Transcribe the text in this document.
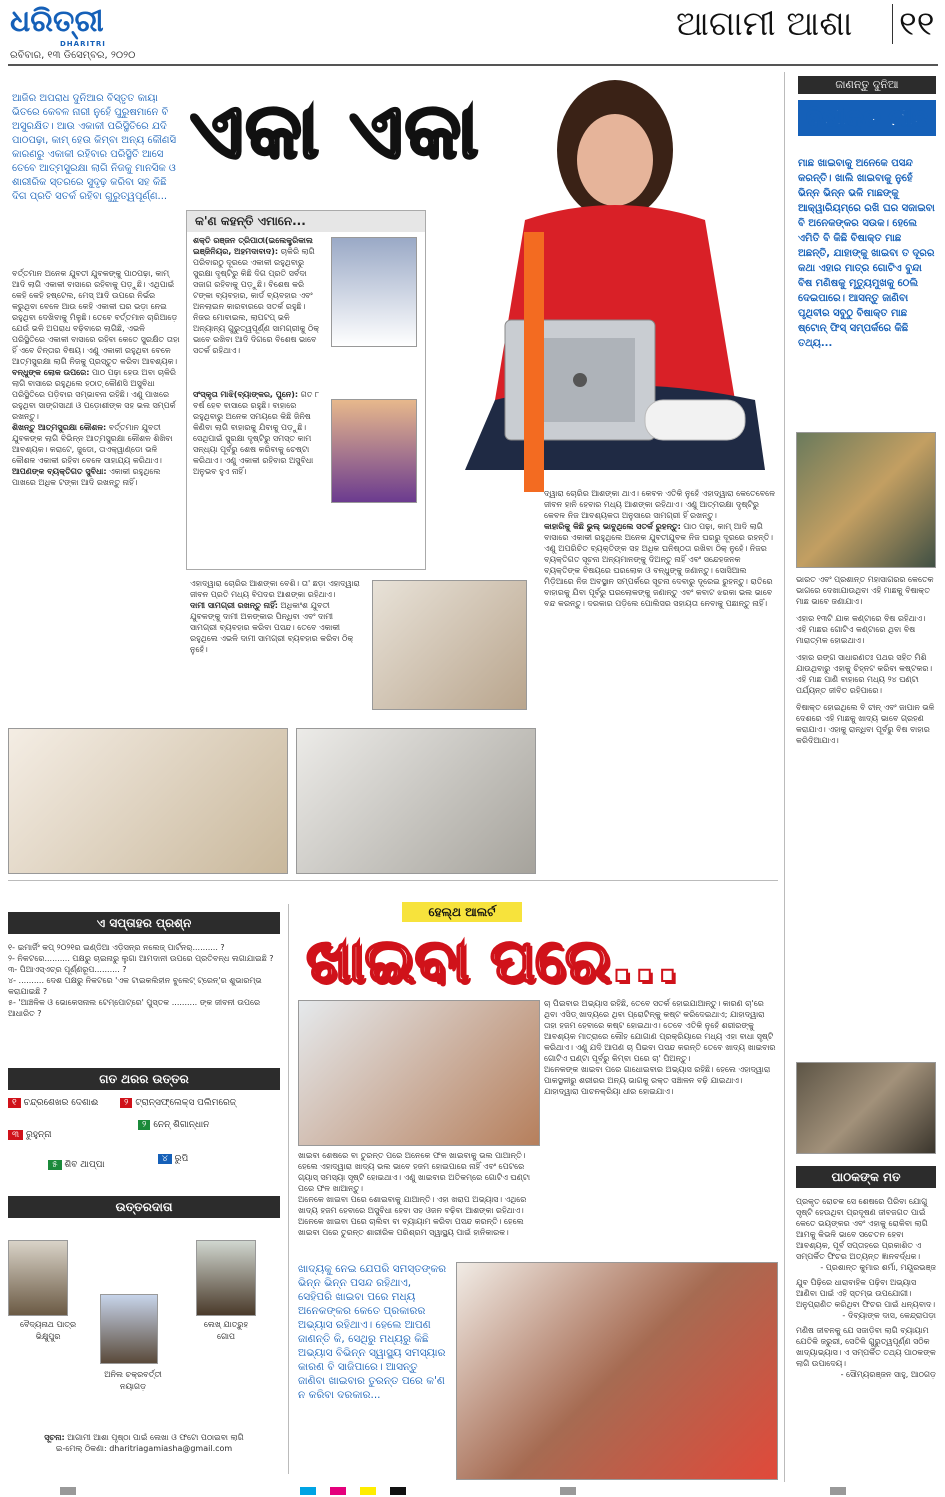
ଧରିତ୍ରୀ
DHARITRI
ରବିବାର, ୧୩ ଡିସେମ୍ବର, ୨୦୨୦
ଆଗାମୀ ଆଶା ୧୧
ଆଜିର ଅପରାଧ ଦୁନିଆର ବିସ୍ତୃତ କାୟା ଭିତରେ କେବଳ ନାରୀ ନୁହେଁ ପୁରୁଷମାନେ ବି ଅସୁରକ୍ଷିତ। ଆଉ ଏକାକୀ ପରିସ୍ଥିତିରେ ଯଦି ପାଠପଢ଼ା, କାମ୍ ହେଉ କିମ୍ବା ଅନ୍ୟ କୌଣସି କାରଣରୁ ଏକାକୀ ରହିବାର ପରିସ୍ଥିତି ଆସେ ତେବେ ଆତ୍ମସୁରକ୍ଷା ଲାଗି ନିଜକୁ ମାନସିକ ଓ ଶାରୀରିକ ସ୍ତରରେ ସୁଦୃଢ଼ କରିବା ସହ କିଛି ଦିଗ ପ୍ରତି ସତର୍କ ରହିବା ଗୁରୁତ୍ୱପୂର୍ଣ୍ଣ...
ଏକା ଏକା
କ'ଣ କହନ୍ତି ଏମାନେ...
ଶକ୍ତି ରଞ୍ଜନ ତ୍ରିପାଠୀ(ଇଲେକ୍ଟ୍ରିକାଲ ଇଞ୍ଜିନିୟର, ଅହମଦାବାଦ): ଚାକିରି ଲାଗି ପରିବାରଠୁ ଦୂରରେ ଏକାକୀ ରହୁଥିବାରୁ ସୁରକ୍ଷା ଦୃଷ୍ଟିରୁ କିଛି ଦିଗ ପ୍ରତି ସର୍ବଦା ସଜାଗ ରହିବାକୁ ପଡ଼ୁଛି। ବିଶେଷ କରି ଟଙ୍କା ବ୍ୟବହାର, କାର୍ଡ ବ୍ୟବହାର ଏବଂ ଅନଲାଇନ କାରବାରରେ ସତର୍କ ରହୁଛି। ନିଜର ମୋବାଇଲ, ଲାପଟପ୍ ଭଳି ଅନ୍ୟାନ୍ୟ ଗୁରୁତ୍ୱପୂର୍ଣ୍ଣ ସାମଗ୍ରୀକୁ ଠିକ୍ ଭାବେ ରଖିବା ଆଦି ଦିଗରେ ବିଶେଷ ଭାବେ ସତର୍କ ରହିଥାଏ।
ସଂସ୍କୃତା ମାଝି(ବ୍ୟାଙ୍କର, ପୁନେ): ଗତ ୮ ବର୍ଷ ହେବ ବାସାରେ ରହୁଛି। ବାହାରେ ରହୁଥିବାରୁ ଅନେକ ସମୟରେ କିଛି ଜିନିଷ କିଣିବା ଲାଗି ବାହାରକୁ ଯିବାକୁ ପଡ଼ୁଛି। ସେଥିପାଇଁ ସୁରକ୍ଷା ଦୃଷ୍ଟିରୁ ସମସ୍ତ କାମ ସନ୍ଧ୍ୟା ପୂର୍ବରୁ ଶେଷ କରିବାକୁ ଚେଷ୍ଟା କରିଥାଏ। ଏଣୁ ଏକାକୀ ରହିବାର ଅସୁବିଧା ଅନୁଭବ ହୁଏ ନାହିଁ।
ବର୍ତ୍ତମାନ ଅନେକ ଯୁବତୀ ଯୁବକଙ୍କୁ ପାଠପଢ଼ା, କାମ୍ ଆଦି ଲାଗି ଏକାକୀ ବାସାରେ ରହିବାକୁ ପଡ଼ୁଛି। ଏଥିପାଇଁ କେହି କେହି ହଷ୍ଟେଲ, ମେସ୍ ଆଦି ଉପରେ ନିର୍ଭର କରୁଥିବା ବେଳେ ଆଉ କେହି ଏକାକୀ ଘର ଭଡ଼ା ନେଇ ରହୁଥିବା ଦେଖିବାକୁ ମିଳୁଛି। ତେବେ ବର୍ତ୍ତମାନ ଚାରିଆଡ଼େ ଯେଉଁ ଭଳି ଅପରାଧ ବଢ଼ିବାରେ ଲାଗିଛି, ଏଭଳି ପରିସ୍ଥିତିରେ ଏକାକୀ ବାସାରେ ରହିବା କେତେ ସୁରକ୍ଷିତ ତାହା ହିଁ ଏବେ ଚିନ୍ତାର ବିଷୟ। ଏଣୁ ଏକାକୀ ରହୁଥିବା ବେଳେ ଆତ୍ମସୁରକ୍ଷା ଲାଗି ନିଜକୁ ପ୍ରସ୍ତୁତ କରିବା ଆବଶ୍ୟକ।
ବନ୍ଧୁଙ୍କ ଲୋକ ଉପରେ: ପାଠ ପଢ଼ା ହେଉ ଅବା ଚାକିରି ଲାଗି ବାସାରେ ରହୁଥିଲେ ହଠାତ୍ କୌଣସି ଅସୁବିଧା ପରିସ୍ଥିତିରେ ପଡ଼ିବାର ସମ୍ଭାବନା ରହିଛି। ଏଣୁ ପାଖରେ ରହୁଥିବା ସାଙ୍ଗସାଥୀ ଓ ପଡ଼ୋଶୀଙ୍କ ସହ ଭଲ ସମ୍ପର୍କ ରଖନ୍ତୁ।
ଶିଖନ୍ତୁ ଆତ୍ମସୁରକ୍ଷା କୌଶଳ: ବର୍ତ୍ତମାନ ଯୁବତୀ ଯୁବକଙ୍କ ଲାଗି ବିଭିନ୍ନ ଆତ୍ମସୁରକ୍ଷା କୌଶଳ ଶିଖିବା ଆବଶ୍ୟକ। କରାଟେ, ଜୁଡୋ, ତାଏକ୍ୱାଣ୍ଡୋ ଭଳି କୌଶଳ ଏକାକୀ ରହିବା ବେଳେ ସାହାଯ୍ୟ କରିଥାଏ।
ଆପଣଙ୍କ ବ୍ୟକ୍ତିଗତ ସୁବିଧା: ଏକାକୀ ରହୁଥିଲେ ପାଖରେ ଅଧିକ ଟଙ୍କା ଆଦି ରଖନ୍ତୁ ନାହିଁ।
ଏହାଦ୍ୱାରା ଚୋରିର ଆଶଙ୍କା ବେଶି। ତା' ଛଡ଼ା ଏହାଦ୍ୱାରା ଜୀବନ ପ୍ରତି ମଧ୍ୟ ବିପଦର ଆଶଙ୍କା ରହିଥାଏ।
ଦାମୀ ସାମଗ୍ରୀ ରଖନ୍ତୁ ନାହିଁ: ଅଧିକାଂଶ ଯୁବତୀ ଯୁବକଙ୍କୁ ଦାମୀ ଅଳଙ୍କାର ପିନ୍ଧିବା ଏବଂ ଦାମୀ ସାମଗ୍ରୀ ବ୍ୟବହାର କରିବା ପସନ୍ଦ। ତେବେ ଏକାକୀ ରହୁଥିଲେ ଏଭଳି ଦାମୀ ସାମଗ୍ରୀ ବ୍ୟବହାର କରିବା ଠିକ୍ ନୁହେଁ।
ଦ୍ୱାରା ଚୋରିର ଆଶଙ୍କା ଥାଏ। କେବଳ ଏତିକି ନୁହେଁ ଏହାଦ୍ୱାରା କେତେବେଳେ ଜୀବନ ହାନି ହେବାର ମଧ୍ୟ ଆଶଙ୍କା ରହିଥାଏ। ଏଣୁ ଆତ୍ମରକ୍ଷା ଦୃଷ୍ଟିରୁ କେବଳ ନିଜ ଆବଶ୍ୟକତା ଅନୁସାରେ ସାମଗ୍ରୀ ହିଁ ରଖନ୍ତୁ।
କାହାରିକୁ କିଛି ଭୁଲ୍ ଭାବୁଥିଲେ ସତର୍କ ରୁହନ୍ତୁ: ପାଠ ପଢ଼ା, କାମ୍ ଆଦି ଲାଗି ବାସାରେ ଏକାକୀ ରହୁଥିଲେ ଅନେକ ଯୁବତୀଯୁବକ ନିଜ ଘରରୁ ଦୂରରେ ରହନ୍ତି। ଏଣୁ ଅପରିଚିତ ବ୍ୟକ୍ତିଙ୍କ ସହ ଅଧିକ ଘନିଷ୍ଠତା ରଖିବା ଠିକ୍ ନୁହେଁ। ନିଜର ବ୍ୟକ୍ତିଗତ ସୂଚନା ଅନ୍ୟମାନଙ୍କୁ ଦିଅନ୍ତୁ ନାହିଁ ଏବଂ ସନ୍ଦେହଜନକ ବ୍ୟକ୍ତିଙ୍କ ବିଷୟରେ ଘରଲୋକ ଓ ବନ୍ଧୁଙ୍କୁ ଜଣାନ୍ତୁ। ସୋସିଆଲ ମିଡ଼ିଆରେ ନିଜ ଅବସ୍ଥାନ ସମ୍ପର୍କରେ ସୂଚନା ଦେବାରୁ ଦୂରେଇ ରୁହନ୍ତୁ। ରାତିରେ ବାହାରକୁ ଯିବା ପୂର୍ବରୁ ଘରଲୋକଙ୍କୁ ଜଣାନ୍ତୁ ଏବଂ କବାଟ ଝରକା ଭଲ ଭାବେ ବନ୍ଦ କରନ୍ତୁ। ଦରକାର ପଡ଼ିଲେ ପୋଲିସର ସହାୟତା ନେବାକୁ ପଛାନ୍ତୁ ନାହିଁ।
ଜାଣନ୍ତୁ ଦୁନିଆ
ବିଷାକ୍ତ ମାଛ
ମାଛ ଖାଇବାକୁ ଅନେକେ ପସନ୍ଦ କରନ୍ତି। ଖାଲି ଖାଇବାକୁ ନୁହେଁ ଭିନ୍ନ ଭିନ୍ନ ଭଳି ମାଛଙ୍କୁ ଆକ୍ୱାରିୟମ୍‌ରେ ରଖି ଘର ସଜାଇବା ବି ଅନେକଙ୍କର ସଉକ। ହେଲେ ଏମିତି ବି କିଛି ବିଷାକ୍ତ ମାଛ ଅଛନ୍ତି, ଯାହାଙ୍କୁ ଖାଇବା ତ ଦୂରର କଥା ଏହାର ମାତ୍ର ଗୋଟିଏ ବୁନ୍ଦା ବିଷ ମଣିଷକୁ ମୃତ୍ୟୁମୁଖକୁ ଠେଲି ଦେଇପାରେ। ଆସନ୍ତୁ ଜାଣିବା ପୃଥିବୀର ସବୁଠୁ ବିଷାକ୍ତ ମାଛ ଷ୍ଟୋନ୍ ଫିସ୍ ସମ୍ପର୍କରେ କିଛି ତଥ୍ୟ...

ଭାରତ ଏବଂ ପ୍ରଶାନ୍ତ ମହାସାଗରର କେତେକ ଭାଗରେ ଦେଖାଯାଉଥିବା ଏହି ମାଛକୁ ବିଷାକ୍ତ ମାଛ ଭାବେ ଜଣାଯାଏ।

ଏହାର ୧୩ଟି ଯାକ କଣ୍ଟାରେ ବିଷ ରହିଥାଏ। ଏହି ମାଛର ଗୋଟିଏ କଣ୍ଟାରେ ଥିବା ବିଷ ମାରାତ୍ମକ ହୋଇଥାଏ।

ଏହାର ରଙ୍ଗ ସାଧାରଣତଃ ପଥର ସହିତ ମିଶି ଯାଉଥିବାରୁ ଏହାକୁ ଚିହ୍ନଟ କରିବା କଷ୍ଟକର। ଏହି ମାଛ ପାଣି ବାହାରେ ମଧ୍ୟ ୨୪ ଘଣ୍ଟା ପର୍ଯ୍ୟନ୍ତ ଜୀବିତ ରହିପାରେ।

ବିଷାକ୍ତ ହୋଇଥିଲେ ବି ଚୀନ୍ ଏବଂ ଜାପାନ ଭଳି ଦେଶରେ ଏହି ମାଛକୁ ଖାଦ୍ୟ ଭାବେ ଗ୍ରହଣ କରାଯାଏ। ଏହାକୁ ରାନ୍ଧିବା ପୂର୍ବରୁ ବିଷ ବାହାର କରିଦିଆଯାଏ।

ପାଠକଙ୍କ ମତ

ପ୍ରକୃତ ରୋଚକ ସେ ଶେଷରେ ପିରିବା ଯୋଗୁ ସୃଷ୍ଟି ହେଉଥିବା ପ୍ରଦୂଷଣ ଜୀବଜଗତ ପାଇଁ କେତେ ଭୟଙ୍କର ଏବଂ ଏହାକୁ ରୋକିବା ଲାଗି ଆମକୁ କିଭଳି ଭାବେ ସଚେତନ ହେବା ଆବଶ୍ୟକ, ପୂର୍ବ ସପ୍ତାହରେ ପ୍ରକାଶିତ ଏ ସମ୍ପର୍କିତ ଫିଚର ଅତ୍ୟନ୍ତ ଜ୍ଞାନବର୍ଦ୍ଧକ।

- ପ୍ରଶାନ୍ତ କୁମାର ଶର୍ମା, ମୟୂରଭଞ୍ଜ

ଯୁବ ପିଢ଼ିରେ ଧାରାବାହିକ ପଢ଼ିବା ଅଭ୍ୟାସ ଆଣିବା ପାଇଁ ଏହି ସ୍ତମ୍ଭ ଉପଯୋଗୀ। ଅନୁପ୍ରାଣିତ କରିଥିବା ଫିଚର ପାଇଁ ଧନ୍ୟବାଦ।

- ଦିବ୍ୟାଙ୍କ ଦାସ, କେନ୍ଦ୍ରାପଡ଼ା

ମଣିଷ ଜୀବନକୁ ଯେ ସଜାଡ଼ିବା ଲାଗି ବ୍ୟାୟାମ ଯେତିକି ଜରୁରୀ, ସେତିକି ଗୁରୁତ୍ୱପୂର୍ଣ୍ଣ ସଠିକ ଖାଦ୍ୟାଭ୍ୟାସ। ଏ ସମ୍ପର୍କିତ ତଥ୍ୟ ପାଠକଙ୍କ ଲାଗି ଉପାଦେୟ।

- ସୌମ୍ୟରଞ୍ଜନ ସାହୁ, ଆଠଗଡ଼

ଏ ସପ୍ତାହର ପ୍ରଶ୍ନ

୧- ଇମାର୍ଜିଂ କପ୍ ୨୦୨୧ର ଇଣ୍ଡିଆ ଏଡ଼ିସନ୍‌ର ନଲେଜ୍ ପାର୍ଟନର୍.......... ?

୨- ନିକଟରେ.......... ପକ୍ଷରୁ ଚାଇନାରୁ ଲୁଗା ଆମଦାନୀ ଉପରେ ପ୍ରତିବନ୍ଧ ଲଗାଯାଇଛି ?

୩- ପିଆଏସ୍‌ଏଚ୍‌ର ପୂର୍ଣ୍ଣରୂପ.......... ?

୪- .......... ଦେଶ ପକ୍ଷରୁ ନିକଟରେ 'ଏକ ଟାଇକଲିହୀନ ବୁଲେଟ୍ ଟ୍ରେନ୍'ର ଶୁଭାରମ୍ଭ କରାଯାଇଛି ?

୫- 'ଆଞ୍ଚଳିକ ଓ ଭୋକେସନାଲ ଟେମ୍ପୋଟ୍ରେ' ପୁସ୍ତକ .......... ଙ୍କ ଜୀବନୀ ଉପରେ ଆଧାରିତ ?

ଗତ ଥରର ଉତ୍ତର
୧ ଚନ୍ଦ୍ରଶେଖର ଦେଶାଈ	୨ ଟ୍ରାନ୍ସଫ୍ଲେକ୍ସ ପଲିମରେଜ୍
୩ ରୁହୁନ୍ନା
୨ ନେନ୍ ଶିଗାନ୍ଧାନ
୫ ଶିବ ଥାପ୍ପା
୪ ରୁପି
ଉତ୍ତରଦାତା
ବୈଦ୍ୟନାଥ ପାତ୍ର
ଭିକ୍ଷୁପୁର
ଅନିଲ ଚକ୍ରବର୍ତ୍ତୀ
ନୟାଗଡ଼
ଲେଖ୍ ଯାତ୍ରୁହ
ଗୋପ
ସୂଚନା: ଆଗାମୀ ଆଶା ପୃଷ୍ଠା ପାଇଁ ଲେଖା ଓ ଫଟୋ ପଠାଇବା ଲାଗି
ଇ-ମେଲ୍ ଠିକଣା: dharitriagamiasha@gmail.com
ହେଲ୍ଥ ଆଲର୍ଟ
ଖାଇବା ପରେ...
ଚା ପିଇବାର ଅଭ୍ୟାସ ରହିଛି, ତେବେ ସତର୍କ ହୋଇଯାଆନ୍ତୁ। କାରଣ ଚା'ରେ ଥିବା ଏସିଡ୍ ଖାଦ୍ୟରେ ଥିବା ପ୍ରୋଟିନ୍‌କୁ କଷ୍ଟ କରିଦେଇଥାଏ; ଯାହାଦ୍ୱାରା ତାହା ହଜମ ହେବାରେ କଷ୍ଟ ହୋଇଥାଏ। ତେବେ ଏତିକି ନୁହେଁ ଶରୀରଙ୍କୁ ଆବଶ୍ୟକ ମାତ୍ରାରେ ଲୌହ ଯୋଗାଣ ପ୍ରକ୍ରିୟାରେ ମଧ୍ୟ ଏହା ବାଧା ସୃଷ୍ଟି କରିଥାଏ। ଏଣୁ ଯଦି ଆପଣ ଚା ପିଇବା ପସନ୍ଦ କରନ୍ତି ତେବେ ଖାଦ୍ୟ ଖାଇବାର ଗୋଟିଏ ଘଣ୍ଟା ପୂର୍ବରୁ କିମ୍ବା ପରେ ଚା' ପିଅନ୍ତୁ।
ଅନେକଙ୍କ ଖାଇବା ପରେ ଗାଧୋଇବାର ଅଭ୍ୟାସ ରହିଛି। ହେଲେ ଏହାଦ୍ୱାରା ପାକସ୍ଥଳୀରୁ ଶରୀରର ଅନ୍ୟ ଭାଗକୁ ରକ୍ତ ସଞ୍ଚାଳନ ବଢ଼ି ଯାଇଥାଏ। ଯାହାଦ୍ୱାରା ପାଚନକ୍ରିୟା ଧୀର ହୋଇଯାଏ।
ଖାଇବା ଶେଷରେ ବା ତୁରନ୍ତ ପରେ ଅନେକେ ଫଳ ଖାଇବାକୁ ଭଲ ପାଆନ୍ତି। ହେଲେ ଏହାଦ୍ୱାରା ଖାଦ୍ୟ ଭଲ ଭାବେ ହଜମ ହୋଇପାରେ ନାହିଁ ଏବଂ ପେଟରେ ଗ୍ୟାସ୍ ସମସ୍ୟା ସୃଷ୍ଟି ହୋଇଥାଏ। ଏଣୁ ଖାଇବାର ଅତିକମ୍‌ରେ ଗୋଟିଏ ଘଣ୍ଟା ପରେ ଫଳ ଖାଆନ୍ତୁ।
ଅନେକେ ଖାଇବା ପରେ ଶୋଇବାକୁ ଯାଆନ୍ତି। ଏହା ଖରାପ ଅଭ୍ୟାସ। ଏଥିରେ ଖାଦ୍ୟ ହଜମ ହେବାରେ ଅସୁବିଧା ହେବା ସହ ଓଜନ ବଢ଼ିବା ଆଶଙ୍କା ରହିଥାଏ।
ଅନେକେ ଖାଇବା ପରେ ଚାଲିବା ବା ବ୍ୟାୟାମ କରିବା ପସନ୍ଦ କରନ୍ତି। ହେଲେ ଖାଇବା ପରେ ତୁରନ୍ତ ଶାରୀରିକ ପରିଶ୍ରମ ସ୍ୱାସ୍ଥ୍ୟ ପାଇଁ ହାନିକାରକ।
ଖାଦ୍ୟକୁ ନେଇ ଯେପରି ସମସ୍ତଙ୍କର ଭିନ୍ନ ଭିନ୍ନ ପସନ୍ଦ ରହିଥାଏ, ସେହିପରି ଖାଇବା ପରେ ମଧ୍ୟ ଅନେକଙ୍କର କେତେ ପ୍ରକାରର ଅଭ୍ୟାସ ରହିଥାଏ। ହେଲେ ଆପଣ ଜାଣନ୍ତି କି, ସେଥିରୁ ମଧ୍ୟରୁ କିଛି ଅଭ୍ୟାସ ବିଭିନ୍ନ ସ୍ୱାସ୍ଥ୍ୟ ସମସ୍ୟାର କାରଣ ବି ସାଜିପାରେ। ଆସନ୍ତୁ ଜାଣିବା ଖାଇବାର ତୁରନ୍ତ ପରେ କ'ଣ ନ କରିବା ଦରକାର...
